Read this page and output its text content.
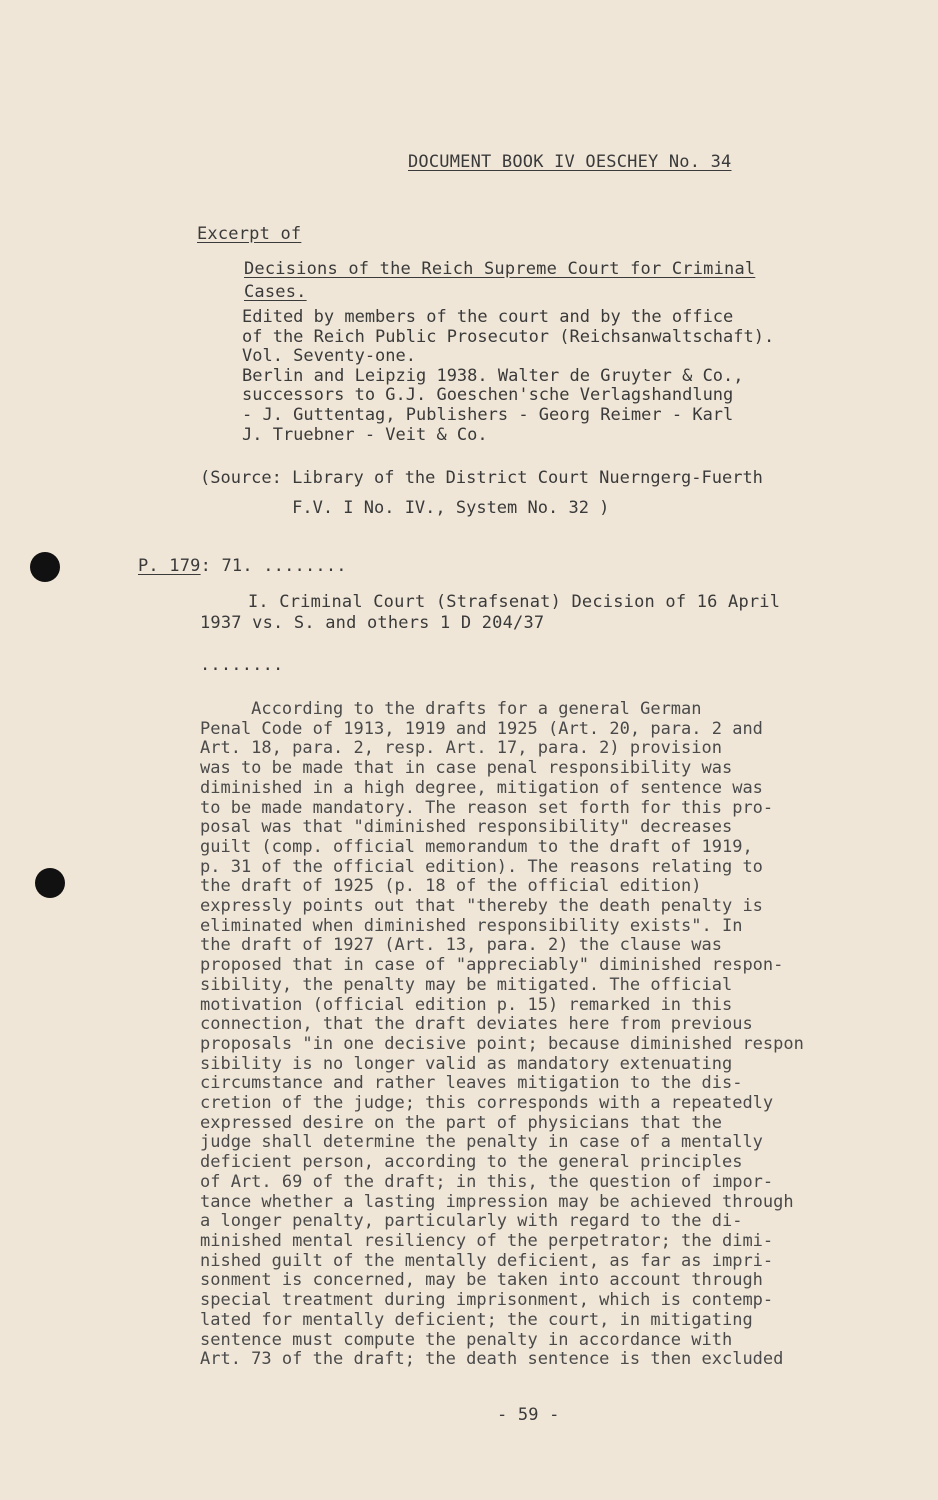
DOCUMENT BOOK IV OESCHEY No. 34
Excerpt of
Decisions of the Reich Supreme Court for Criminal
Cases.
Edited by members of the court and by the office
of the Reich Public Prosecutor (Reichsanwaltschaft).
Vol. Seventy-one.
Berlin and Leipzig 1938. Walter de Gruyter & Co.,
successors to G.J. Goeschen'sche Verlagshandlung
- J. Guttentag, Publishers - Georg Reimer - Karl
J. Truebner - Veit & Co.
(Source: Library of the District Court Nuerngerg-Fuerth
F.V. I No. IV., System No. 32 )
P. 179: 71. ........
I. Criminal Court (Strafsenat) Decision of 16 April
1937 vs. S. and others 1 D 204/37
........
According to the drafts for a general German
Penal Code of 1913, 1919 and 1925 (Art. 20, para. 2 and
Art. 18, para. 2, resp. Art. 17, para. 2) provision
was to be made that in case penal responsibility was
diminished in a high degree, mitigation of sentence was
to be made mandatory. The reason set forth for this pro-
posal was that "diminished responsibility" decreases
guilt (comp. official memorandum to the draft of 1919,
p. 31 of the official edition). The reasons relating to
the draft of 1925 (p. 18 of the official edition)
expressly points out that "thereby the death penalty is
eliminated when diminished responsibility exists". In
the draft of 1927 (Art. 13, para. 2) the clause was
proposed that in case of "appreciably" diminished respon-
sibility, the penalty may be mitigated. The official
motivation (official edition p. 15) remarked in this
connection, that the draft deviates here from previous
proposals "in one decisive point; because diminished respon
sibility is no longer valid as mandatory extenuating
circumstance and rather leaves mitigation to the dis-
cretion of the judge; this corresponds with a repeatedly
expressed desire on the part of physicians that the
judge shall determine the penalty in case of a mentally
deficient person, according to the general principles
of Art. 69 of the draft; in this, the question of impor-
tance whether a lasting impression may be achieved through
a longer penalty, particularly with regard to the di-
minished mental resiliency of the perpetrator; the dimi-
nished guilt of the mentally deficient, as far as impri-
sonment is concerned, may be taken into account through
special treatment during imprisonment, which is contemp-
lated for mentally deficient; the court, in mitigating
sentence must compute the penalty in accordance with
Art. 73 of the draft; the death sentence is then excluded
- 59 -
